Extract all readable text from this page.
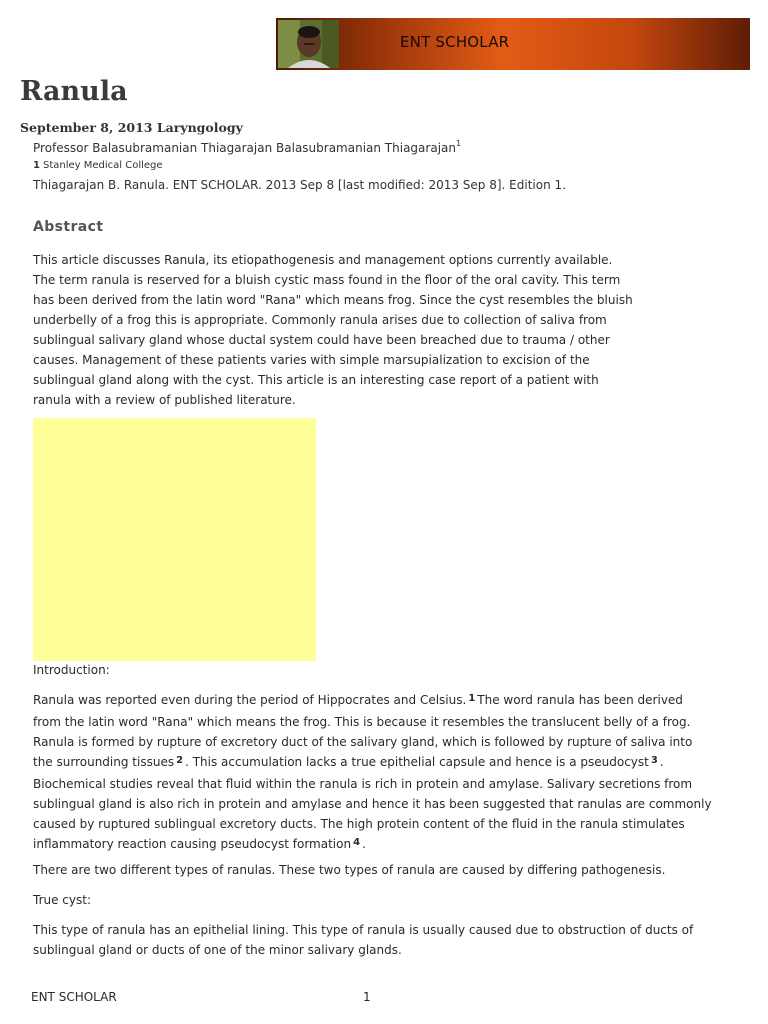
ENT SCHOLAR
Ranula
September 8, 2013 Laryngology
Professor Balasubramanian Thiagarajan Balasubramanian Thiagarajan$^1$
1 Stanley Medical College
Thiagarajan B. Ranula. ENT SCHOLAR. 2013 Sep 8 [last modified: 2013 Sep 8]. Edition 1.
Abstract

This article discusses Ranula, its etiopathogenesis and management options currently available.
The term ranula is reserved for a bluish cystic mass found in the floor of the oral cavity. This term
has been derived from the latin word "Rana" which means frog. Since the cyst resembles the bluish
underbelly of a frog this is appropriate. Commonly ranula arises due to collection of saliva from
sublingual salivary gland whose ductal system could have been breached due to trauma / other
causes. Management of these patients varies with simple marsupialization to excision of the
sublingual gland along with the cyst. This article is an interesting case report of a patient with
ranula with a review of published literature.

Introduction:

Ranula was reported even during the period of Hippocrates and Celsius. $^1$ The word ranula has been derived
from the latin word "Rana" which means the frog. This is because it resembles the translucent belly of a frog.
Ranula is formed by rupture of excretory duct of the salivary gland, which is followed by rupture of saliva into
the surrounding tissues $^2$ . This accumulation lacks a true epithelial capsule and hence is a pseudocyst $^3$ .
Biochemical studies reveal that fluid within the ranula is rich in protein and amylase. Salivary secretions from
sublingual gland is also rich in protein and amylase and hence it has been suggested that ranulas are commonly
caused by ruptured sublingual excretory ducts. The high protein content of the fluid in the ranula stimulates
inflammatory reaction causing pseudocyst formation $^4$ .

There are two different types of ranulas. These two types of ranula are caused by differing pathogenesis.

True cyst:

This type of ranula has an epithelial lining. This type of ranula is usually caused due to obstruction of ducts of
sublingual gland or ducts of one of the minor salivary glands.

ENT SCHOLAR	1
